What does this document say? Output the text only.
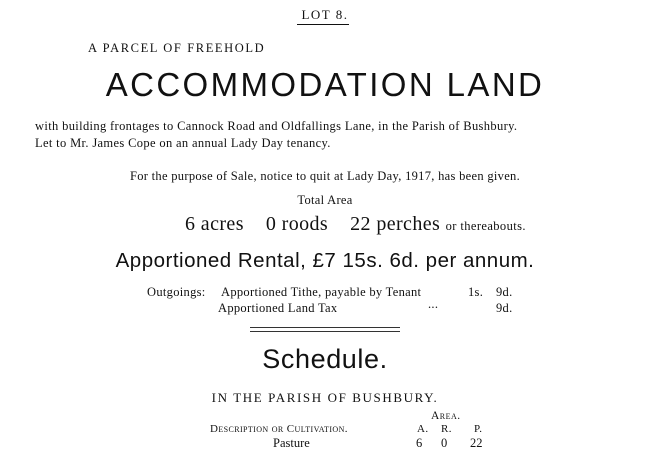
LOT 8.
A PARCEL OF FREEHOLD
ACCOMMODATION LAND
with building frontages to Cannock Road and Oldfallings Lane, in the Parish of Bushbury.
Let to Mr. James Cope on an annual Lady Day tenancy.
For the purpose of Sale, notice to quit at Lady Day, 1917, has been given.
Total Area
6 acres 0 roods 22 perches or thereabouts.
Apportioned Rental, £7 15s. 6d. per annum.
Outgoings: Apportioned Tithe, payable by Tenant	1s. 9d.
Apportioned Land Tax	...	9d.
Schedule.
IN THE PARISH OF BUSHBURY.
Area.
Description or Cultivation.	A. R. P.
Pasture	6 0 22
